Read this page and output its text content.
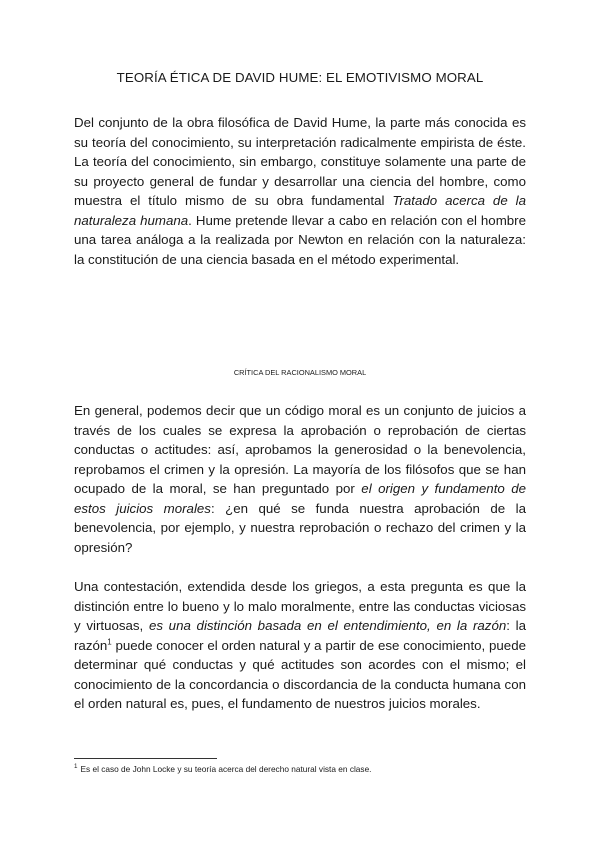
TEORÍA ÉTICA DE DAVID HUME: EL EMOTIVISMO MORAL

Del conjunto de la obra filosófica de David Hume, la parte más conocida es su teoría del conocimiento, su interpretación radicalmente empirista de éste. La teoría del conocimiento, sin embargo, constituye solamente una parte de su proyecto general de fundar y desarrollar una ciencia del hombre, como muestra el título mismo de su obra fundamental Tratado acerca de la naturaleza humana. Hume pretende llevar a cabo en relación con el hombre una tarea análoga a la realizada por Newton en relación con la naturaleza: la constitución de una ciencia basada en el método experimental.

CRÍTICA DEL RACIONALISMO MORAL

En general, podemos decir que un código moral es un conjunto de juicios a través de los cuales se expresa la aprobación o reprobación de ciertas conductas o actitudes: así, aprobamos la generosidad o la benevolencia, reprobamos el crimen y la opresión. La mayoría de los filósofos que se han ocupado de la moral, se han preguntado por el origen y fundamento de estos juicios morales: ¿en qué se funda nuestra aprobación de la benevolencia, por ejemplo, y nuestra reprobación o rechazo del crimen y la opresión?

Una contestación, extendida desde los griegos, a esta pregunta es que la distinción entre lo bueno y lo malo moralmente, entre las conductas viciosas y virtuosas, es una distinción basada en el entendimiento, en la razón: la razón$^1$ puede conocer el orden natural y a partir de ese conocimiento, puede determinar qué conductas y qué actitudes son acordes con el mismo; el conocimiento de la concordancia o discordancia de la conducta humana con el orden natural es, pues, el fundamento de nuestros juicios morales.

$^1$ Es el caso de John Locke y su teoría acerca del derecho natural vista en clase.
